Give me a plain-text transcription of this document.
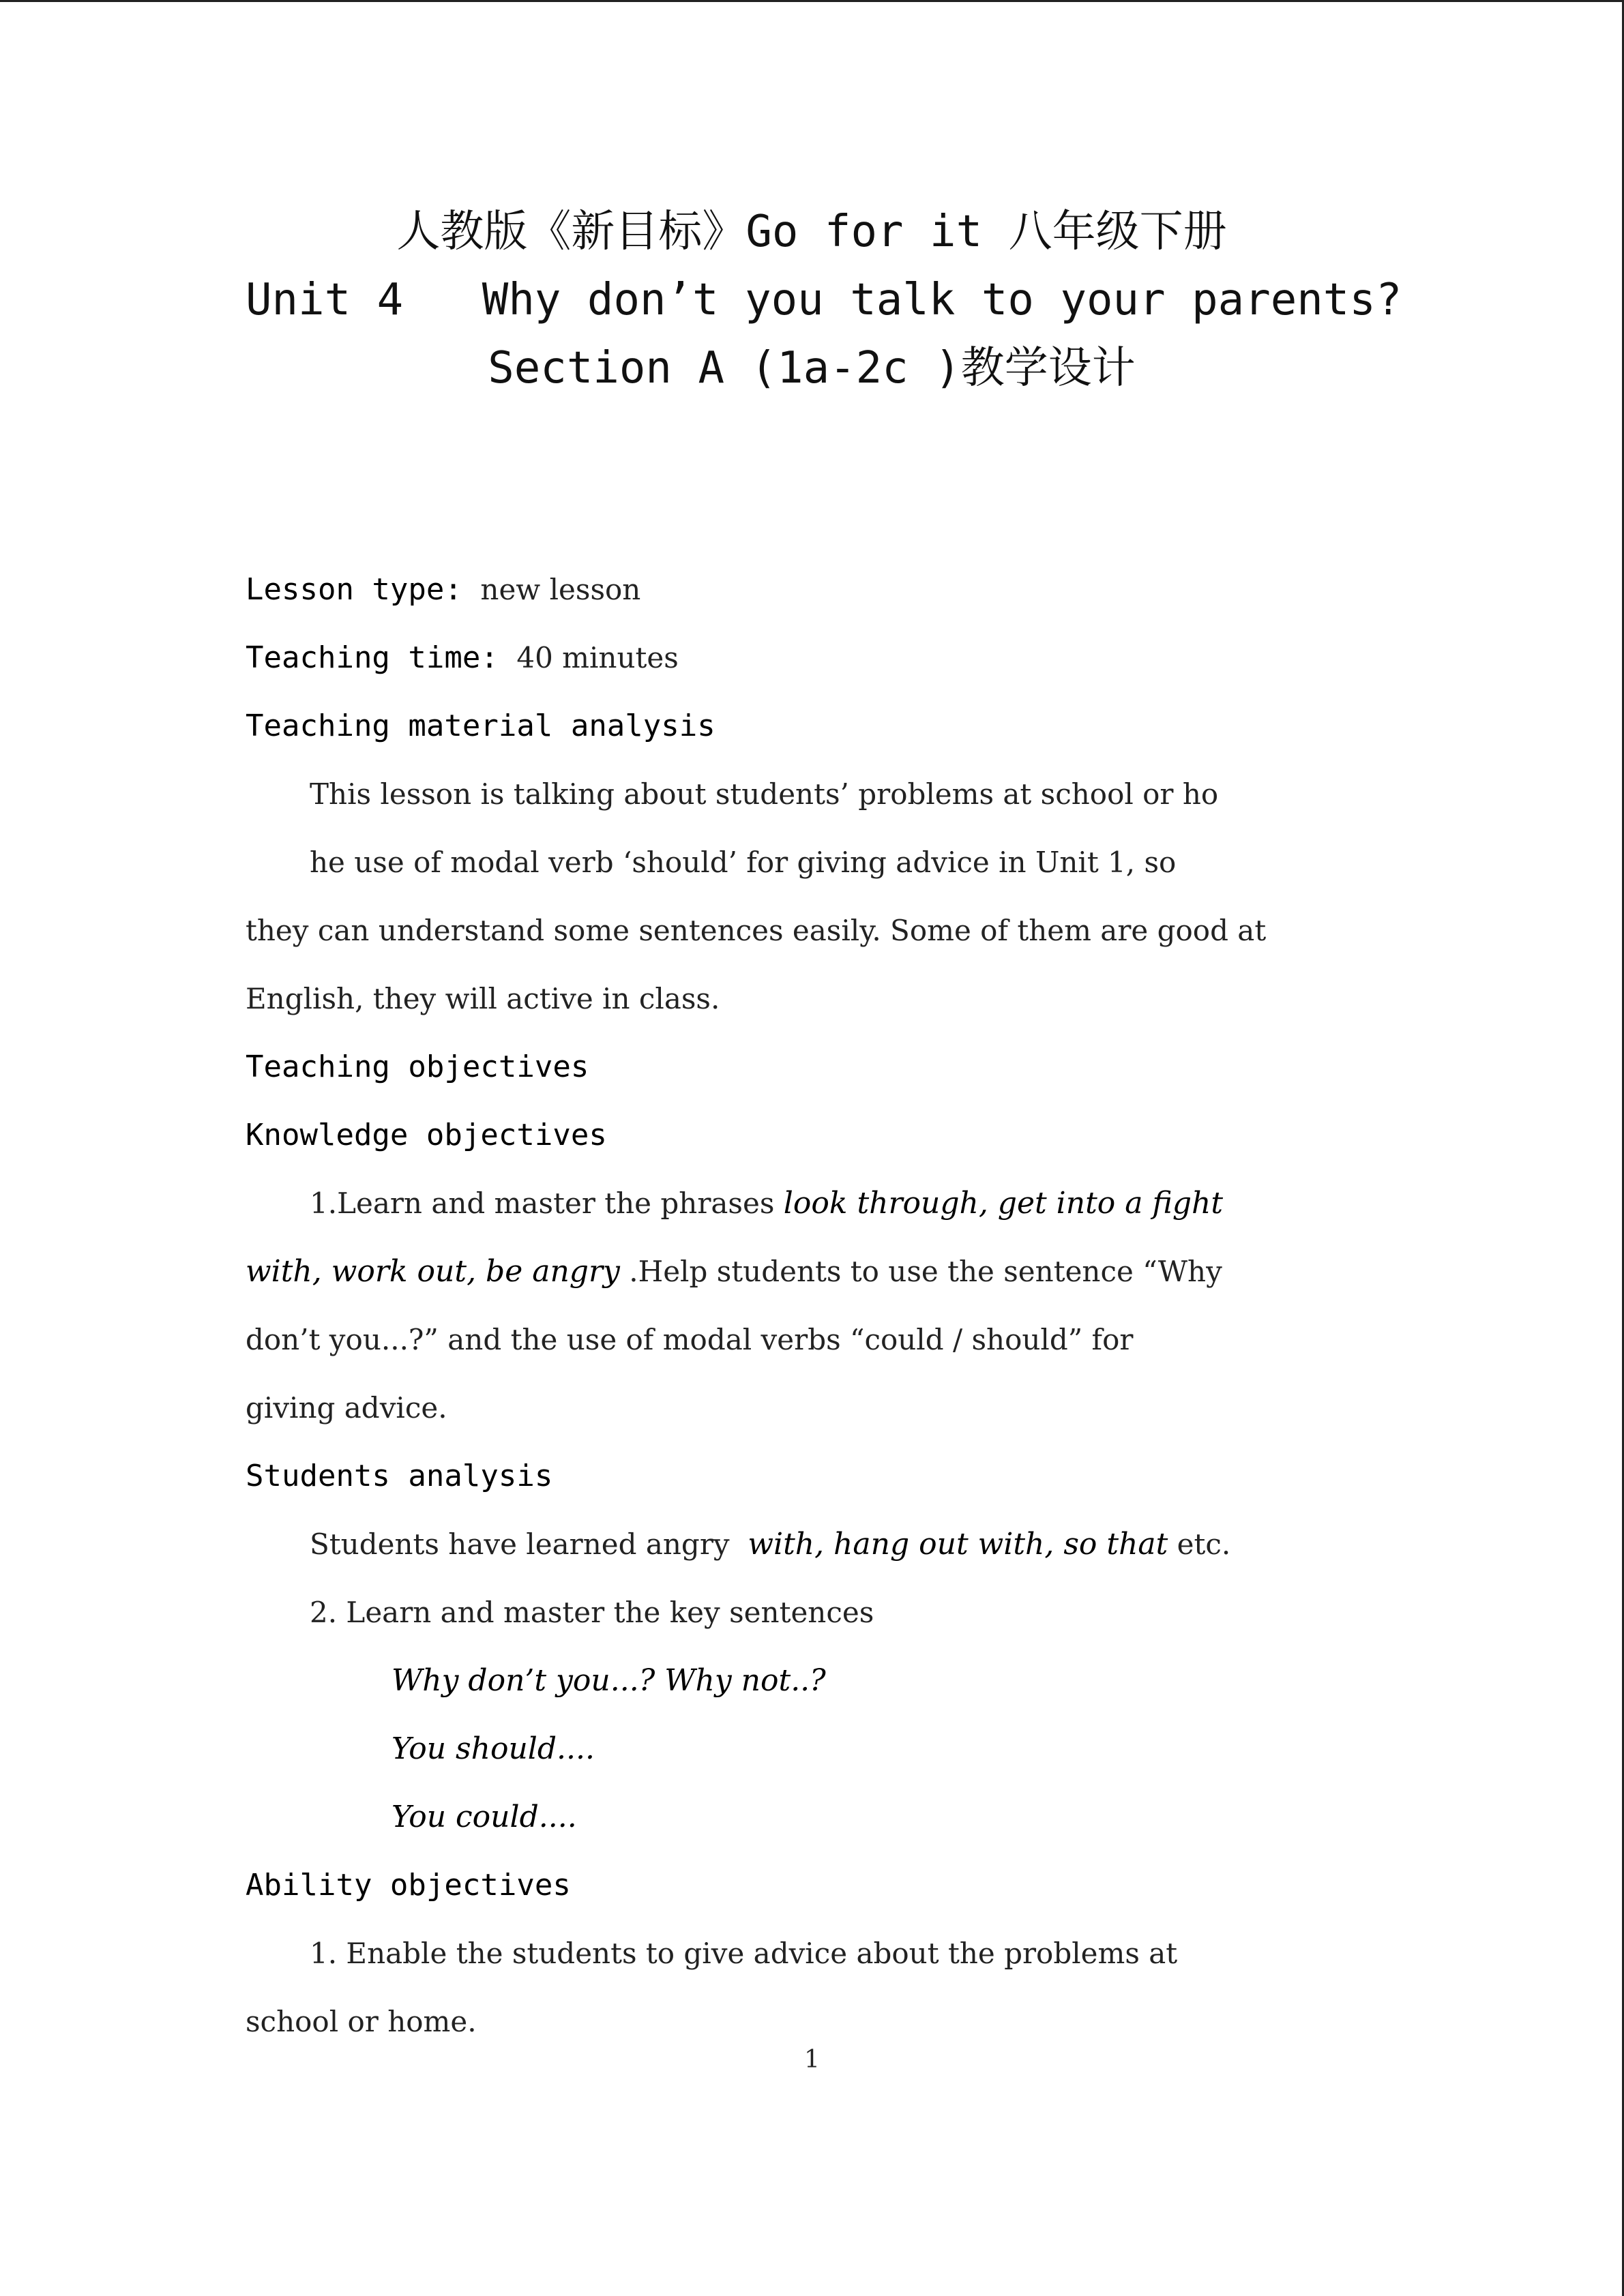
人教版《新目标》Go for it 八年级下册
Unit 4   Why don’t you talk to your parents?
Section A (1a-2c )教学设计
Lesson type: new lesson
Teaching time: 40 minutes
Teaching material analysis
This lesson is talking about students’ problems at school or ho
he use of modal verb ‘should’ for giving advice in Unit 1, so
they can understand some sentences easily. Some of them are good at
English, they will active in class.
Teaching objectives
Knowledge objectives
1.Learn and master the phrases look through, get into a fight
with, work out, be angry .Help students to use the sentence “Why
don’t you...?” and the use of modal verbs “could / should” for
giving advice.
Students analysis
Students have learned angry  with, hang out with, so that etc.
2. Learn and master the key sentences
Why don’t you...? Why not..?
You should....
You could....
Ability objectives
1. Enable the students to give advice about the problems at
school or home.
1
